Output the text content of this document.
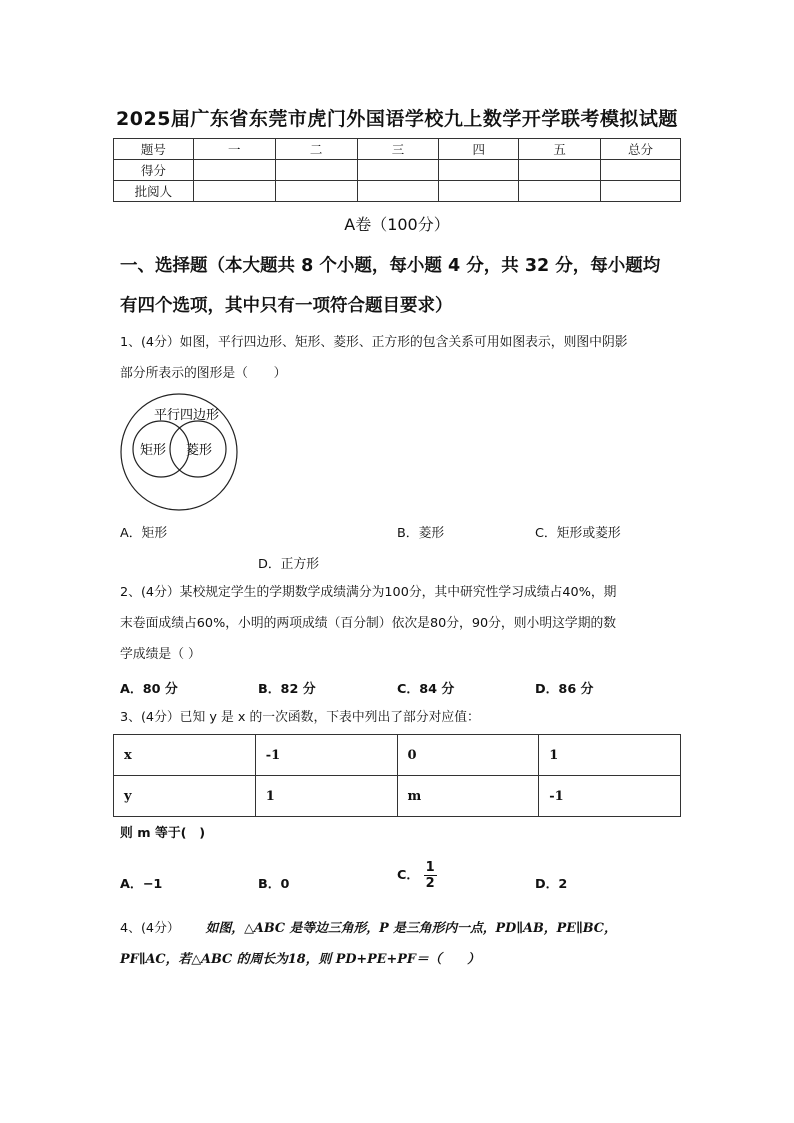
2025届广东省东莞市虎门外国语学校九上数学开学联考模拟试题
题号	一	二	三	四	五	总分
得分						
批阅人						
A卷（100分）
一、选择题（本大题共 8 个小题，每小题 4 分，共 32 分，每小题均
有四个选项，其中只有一项符合题目要求）
1、(4分）如图，平行四边形、矩形、菱形、正方形的包含关系可用如图表示，则图中阴影
部分所表示的图形是（　　）
平行四边形
矩形 菱形
A．矩形	B．菱形	C．矩形或菱形
D．正方形
2、(4分）某校规定学生的学期数学成绩满分为100分，其中研究性学习成绩占40%，期
末卷面成绩占60%，小明的两项成绩（百分制）依次是80分，90分，则小明这学期的数
学成绩是（ ）
A．80 分	B．82 分	C．84 分	D．86 分
3、(4分）已知 y 是 x 的一次函数，下表中列出了部分对应值：
x	-1	0	1
y	1	m	-1
则 m 等于(　)
A．−1	B．0
C． $\frac{1}{2}$	D．2
4、(4分） 如图，△ABC 是等边三角形，P 是三角形内一点，PD∥AB，PE∥BC，
PF∥AC，若△ABC 的周长为18，则 PD+PE+PF＝（　　）
